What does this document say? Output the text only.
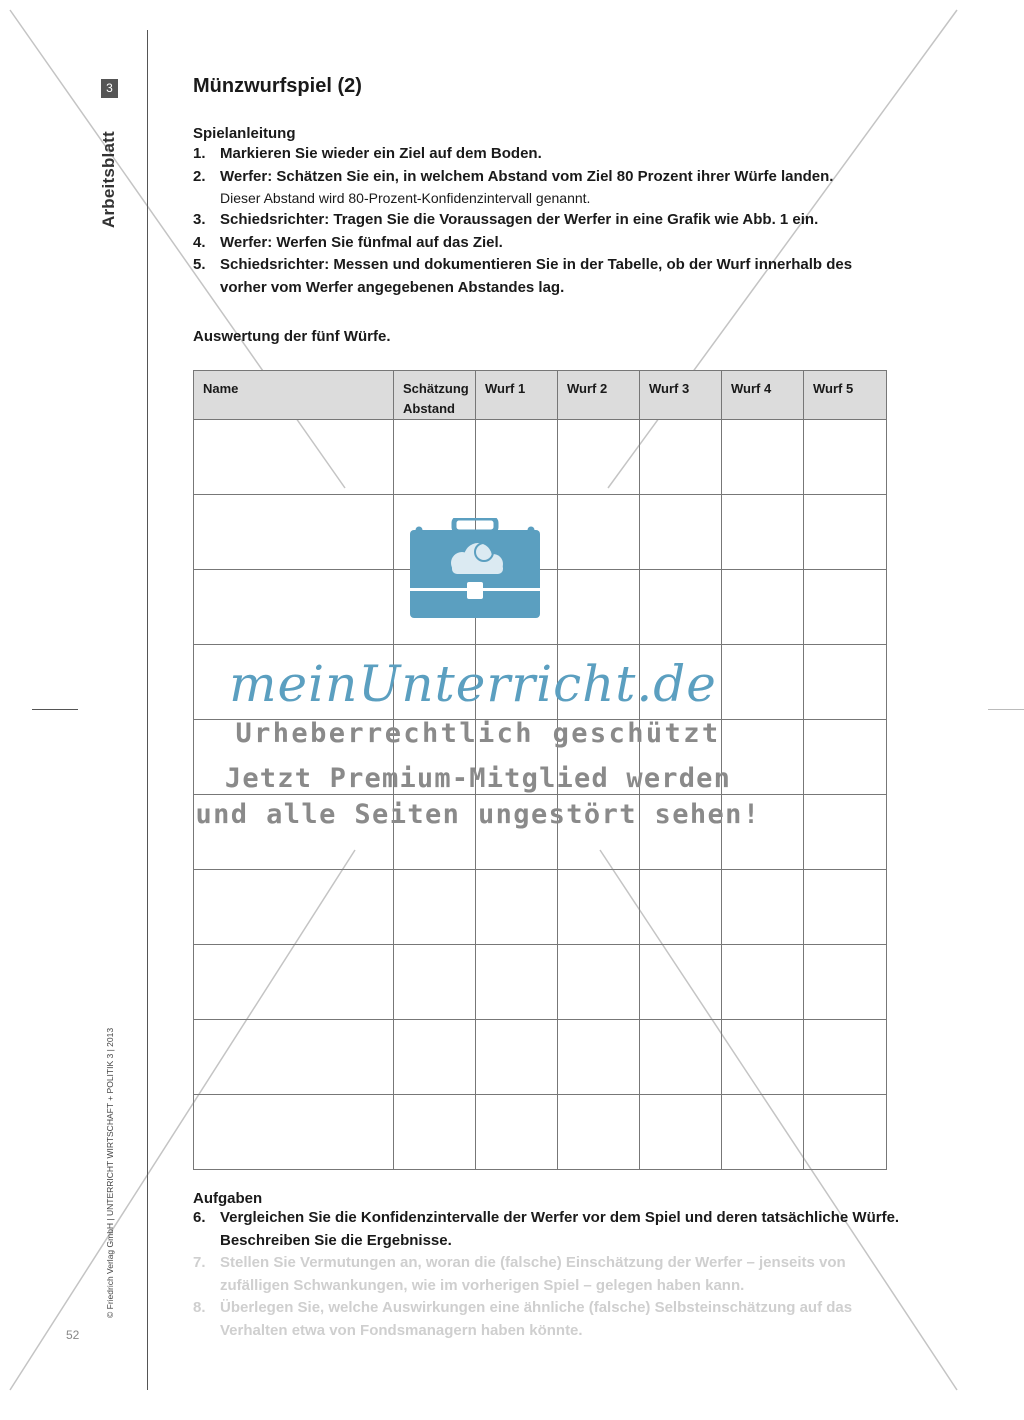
3
Arbeitsblatt
© Friedrich Verlag GmbH | UNTERRICHT WIRTSCHAFT + POLITIK 3 | 2013
52
Münzwurfspiel (2)
Spielanleitung
1. Markieren Sie wieder ein Ziel auf dem Boden.
2. Werfer: Schätzen Sie ein, in welchem Abstand vom Ziel 80 Prozent ihrer Würfe landen.
Dieser Abstand wird 80-Prozent-Konfidenzintervall genannt.
3. Schiedsrichter: Tragen Sie die Voraussagen der Werfer in eine Grafik wie Abb. 1 ein.
4. Werfer: Werfen Sie fünfmal auf das Ziel.
5. Schiedsrichter: Messen und dokumentieren Sie in der Tabelle, ob der Wurf innerhalb des vorher vom Werfer angegebenen Abstandes lag.
Auswertung der fünf Würfe.
Name	Schätzung Abstand	Wurf 1	Wurf 2	Wurf 3	Wurf 4	Wurf 5

meinUnterricht.de
Urheberrechtlich geschützt
Jetzt Premium-Mitglied werden
und alle Seiten ungestört sehen!
Aufgaben
6. Vergleichen Sie die Konfidenzintervalle der Werfer vor dem Spiel und deren tatsächliche Würfe. Beschreiben Sie die Ergebnisse.
7. Stellen Sie Vermutungen an, woran die (falsche) Einschätzung der Werfer – jenseits von zufälligen Schwankungen, wie im vorherigen Spiel – gelegen haben kann.
8. Überlegen Sie, welche Auswirkungen eine ähnliche (falsche) Selbsteinschätzung auf das Verhalten etwa von Fondsmanagern haben könnte.
